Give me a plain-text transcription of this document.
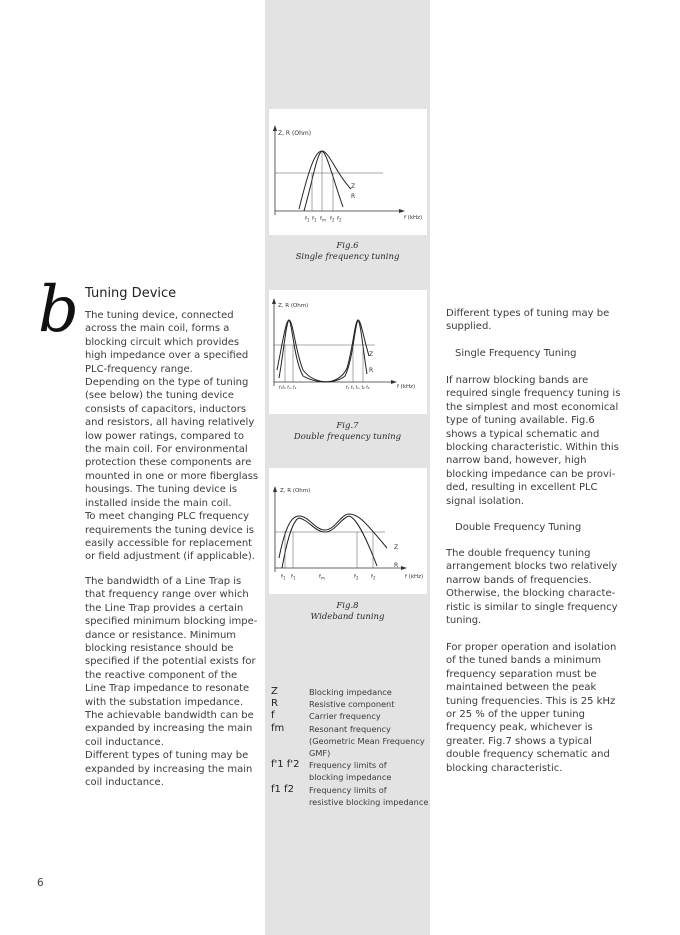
Z, R (Ohm)
f (kHz)
Z
R
$f_1$ $f_1$ $f_m$ $f_2$ $f_2$
Fig.6
Single frequency tuning
Z, R (Ohm)
f (kHz)
Z
R
f₁f₁ fₘ f₂	f₁ f₁ fₘ f₂ f₂
Fig.7
Double frequency tuning
Z, R (Ohm)
f (kHz)
Z
R
$f_1$ $f_1$	$f_m$	$f_2$ $f_2$
Fig.8
Wideband tuning
Z	Blocking impedance
R	Resistive component
f	Carrier frequency
fm	Resonant frequency
(Geometric Mean Frequency
GMF)
f'1 f'2	Frequency limits of
blocking impedance
f1 f2	Frequency limits of
resistive blocking impedance
b Tuning Device
The tuning device, connected
across the main coil, forms a
blocking circuit which provides
high impedance over a specified
PLC-frequency range.
Depending on the type of tuning
(see below) the tuning device
consists of capacitors, inductors
and resistors, all having relatively
low power ratings, compared to
the main coil. For environmental
protection these components are
mounted in one or more fiberglass
housings. The tuning device is
installed inside the main coil.
To meet changing PLC frequency
requirements the tuning device is
easily accessible for replacement
or field adjustment (if applicable).
The bandwidth of a Line Trap is
that frequency range over which
the Line Trap provides a certain
specified minimum blocking impe-
dance or resistance. Minimum
blocking resistance should be
specified if the potential exists for
the reactive component of the
Line Trap impedance to resonate
with the substation impedance.
The achievable bandwidth can be
expanded by increasing the main
coil inductance.
Different types of tuning may be
expanded by increasing the main
coil inductance.
Different types of tuning may be
supplied.
Single Frequency Tuning
If narrow blocking bands are
required single frequency tuning is
the simplest and most economical
type of tuning available. Fig.6
shows a typical schematic and
blocking characteristic. Within this
narrow band, however, high
blocking impedance can be provi-
ded, resulting in excellent PLC
signal isolation.
Double Frequency Tuning
The double frequency tuning
arrangement blocks two relatively
narrow bands of frequencies.
Otherwise, the blocking characte-
ristic is similar to single frequency
tuning.
For proper operation and isolation
of the tuned bands a minimum
frequency separation must be
maintained between the peak
tuning frequencies. This is 25 kHz
or 25 % of the upper tuning
frequency peak, whichever is
greater. Fig.7 shows a typical
double frequency schematic and
blocking characteristic.
6
